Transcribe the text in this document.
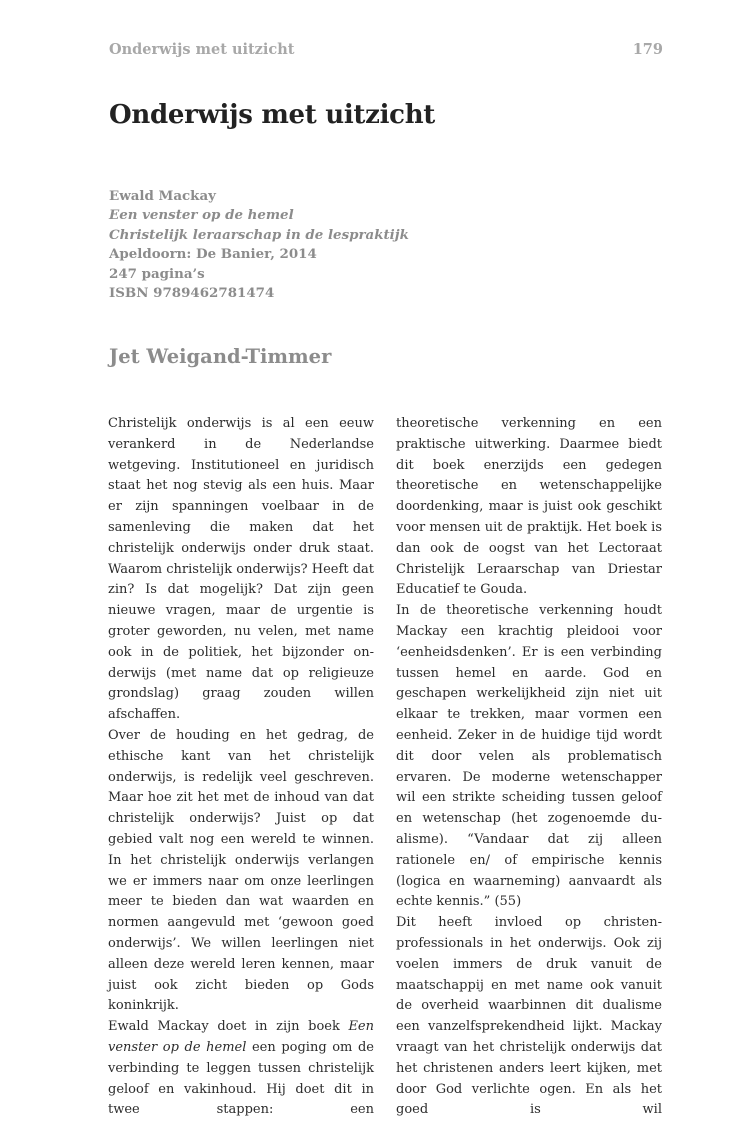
Onderwijs met uitzicht	179
Onderwijs met uitzicht
Ewald Mackay
Een venster op de hemel
Christelijk leraarschap in de lespraktijk
Apeldoorn: De Banier, 2014
247 pagina’s
ISBN 9789462781474
Jet Weigand-Timmer

Christelijk onderwijs is al een eeuw verankerd in de Nederlandse wetgeving. Institutioneel en juridisch staat het nog stevig als een huis. Maar er zijn spanningen voelbaar in de samenleving die maken dat het christelijk onderwijs onder druk staat. Waarom christelijk onderwijs? Heeft dat zin? Is dat mogelijk? Dat zijn geen nieuwe vragen, maar de urgentie is groter geworden, nu velen, met name ook in de politiek, het bijzonder onderwijs (met name dat op religieuze grondslag) graag zouden willen afschaffen.

Over de houding en het gedrag, de ethische kant van het christelijk onderwijs, is redelijk veel geschreven. Maar hoe zit het met de inhoud van dat christelijk onderwijs? Juist op dat gebied valt nog een wereld te winnen. In het christelijk onderwijs verlangen we er immers naar om onze leerlingen meer te bieden dan wat waarden en normen aangevuld met ‘gewoon goed onderwijs’. We willen leerlingen niet alleen deze wereld leren kennen, maar juist ook zicht bieden op Gods koninkrijk.

Ewald Mackay doet in zijn boek Een venster op de hemel een poging om de verbinding te leggen tussen christelijk geloof en vakinhoud. Hij doet dit in twee stappen: een

theoretische verkenning en een praktische uitwerking. Daarmee biedt dit boek enerzijds een gedegen theoretische en wetenschappelijke doordenking, maar is juist ook geschikt voor mensen uit de praktijk. Het boek is dan ook de oogst van het Lectoraat Christelijk Leraarschap van Driestar Educatief te Gouda.

In de theoretische verkenning houdt Mackay een krachtig pleidooi voor ‘eenheidsdenken’. Er is een verbinding tussen hemel en aarde. God en geschapen werkelijkheid zijn niet uit elkaar te trekken, maar vormen een eenheid. Zeker in de huidige tijd wordt dit door velen als problematisch ervaren. De moderne wetenschapper wil een strikte scheiding tussen geloof en wetenschap (het zogenoemde dualisme). “Vandaar dat zij alleen rationele en/ of empirische kennis (logica en waarneming) aanvaardt als echte kennis.” (55)

Dit heeft invloed op christen-professionals in het onderwijs. Ook zij voelen immers de druk vanuit de maatschappij en met name ook vanuit de overheid waarbinnen dit dualisme een vanzelfsprekendheid lijkt. Mackay vraagt van het christelijk onderwijs dat het christenen anders leert kijken, met door God verlichte ogen. En als het goed is wil
